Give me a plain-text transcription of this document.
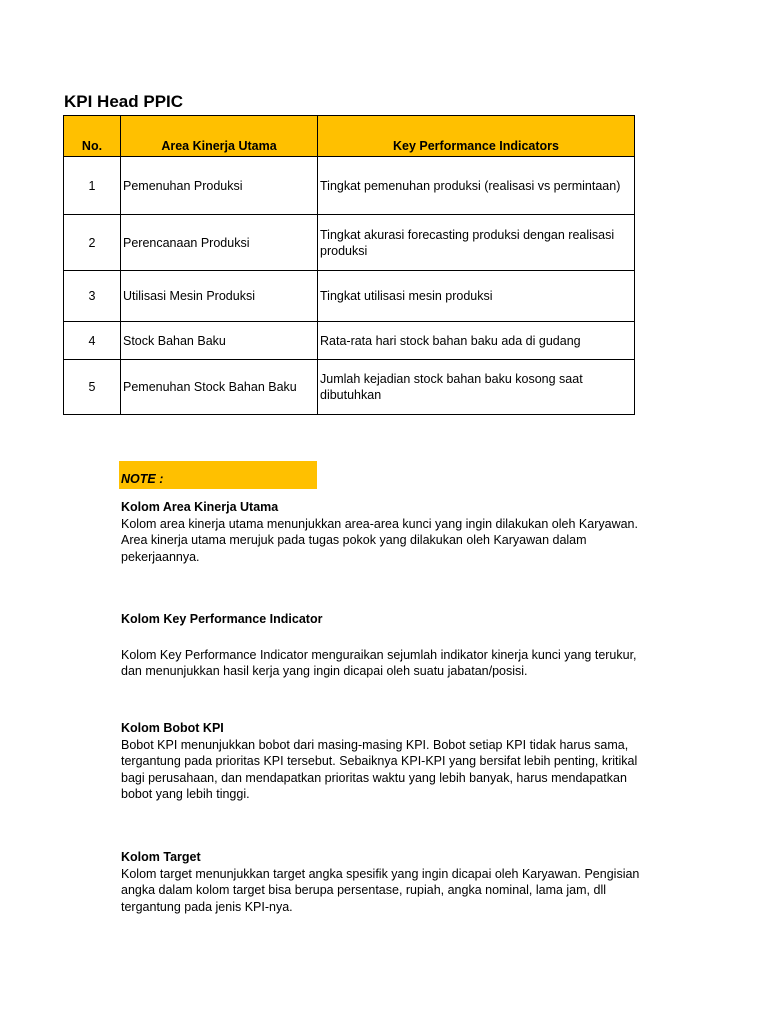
KPI Head PPIC
No.	Area Kinerja Utama	Key Performance Indicators
1	Pemenuhan Produksi	Tingkat pemenuhan produksi (realisasi vs permintaan)
2	Perencanaan Produksi	Tingkat akurasi forecasting produksi dengan realisasi produksi
3	Utilisasi Mesin Produksi	Tingkat utilisasi mesin produksi
4	Stock Bahan Baku	Rata-rata hari stock bahan baku ada di gudang
5	Pemenuhan Stock Bahan Baku	Jumlah kejadian stock bahan baku kosong saat dibutuhkan
NOTE :

Kolom Area Kinerja Utama

Kolom area kinerja utama menunjukkan area-area kunci yang ingin dilakukan oleh Karyawan. Area kinerja utama merujuk pada tugas pokok yang dilakukan oleh Karyawan dalam pekerjaannya.

Kolom Key Performance Indicator

Kolom Key Performance Indicator menguraikan sejumlah indikator kinerja kunci yang terukur, dan menunjukkan hasil kerja yang ingin dicapai oleh suatu jabatan/posisi.

Kolom Bobot KPI

Bobot KPI menunjukkan bobot dari masing-masing KPI. Bobot setiap KPI tidak harus sama, tergantung pada prioritas KPI tersebut. Sebaiknya KPI-KPI yang bersifat lebih penting, kritikal bagi perusahaan, dan mendapatkan prioritas waktu yang lebih banyak, harus mendapatkan bobot yang lebih tinggi.

Kolom Target

Kolom target menunjukkan target angka spesifik yang ingin dicapai oleh Karyawan. Pengisian angka dalam kolom target bisa berupa persentase, rupiah, angka nominal, lama jam, dll tergantung pada jenis KPI-nya.
